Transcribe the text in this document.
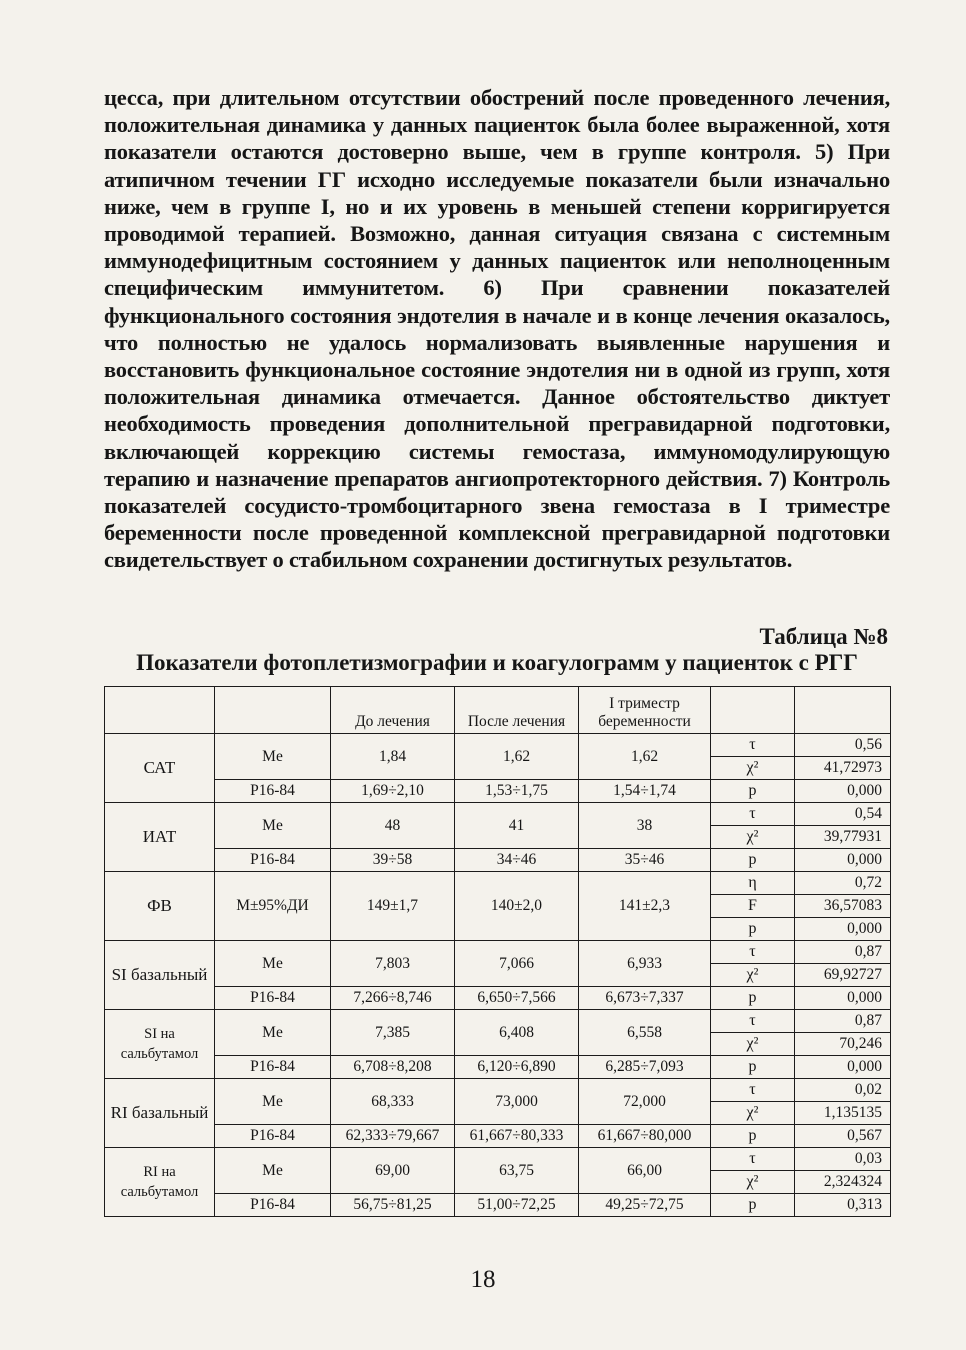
цесса, при длительном отсутствии обострений после проведенного лечения, положительная динамика у данных пациенток была более выраженной, хотя показатели остаются достоверно выше, чем в группе контроля. 5) При атипичном течении ГГ исходно исследуемые показатели были изначально ниже, чем в группе I, но и их уровень в меньшей степени корригируется проводимой терапией. Возможно, данная ситуация связана с системным иммунодефицитным состоянием у данных пациенток или неполноценным специфическим иммунитетом. 6) При сравнении показателей функционального состояния эндотелия в начале и в конце лечения оказалось, что полностью не удалось нормализовать выявленные нарушения и восстановить функциональное состояние эндотелия ни в одной из групп, хотя положительная динамика отмечается. Данное обстоятельство диктует необходимость проведения дополнительной прегравидарной подготовки, включающей коррекцию системы гемостаза, иммуномодулирующую терапию и назначение препаратов ангиопротекторного действия. 7) Контроль показателей сосудисто-тромбоцитарного звена гемостаза в I триместре беременности после проведенной комплексной прегравидарной подготовки свидетельствует о стабильном сохранении достигнутых результатов.
Таблица №8
Показатели фотоплетизмографии и коагулограмм у пациенток с РГГ
		До лечения	После лечения	I триместр беременности		
САТ	Me	1,84	1,62	1,62	τ	0,56
					χ²	41,72973
	P16-84	1,69÷2,10	1,53÷1,75	1,54÷1,74	p	0,000
ИАТ	Me	48	41	38	τ	0,54
					χ²	39,77931
	P16-84	39÷58	34÷46	35÷46	p	0,000
ФВ	M±95%ДИ	149±1,7	140±2,0	141±2,3	η	0,72
					F	36,57083
					p	0,000
SI базальный	Me	7,803	7,066	6,933	τ	0,87
					χ²	69,92727
	P16-84	7,266÷8,746	6,650÷7,566	6,673÷7,337	p	0,000
SI на сальбутамол	Me	7,385	6,408	6,558	τ	0,87
					χ²	70,246
	P16-84	6,708÷8,208	6,120÷6,890	6,285÷7,093	p	0,000
RI базальный	Me	68,333	73,000	72,000	τ	0,02
					χ²	1,135135
	P16-84	62,333÷79,667	61,667÷80,333	61,667÷80,000	p	0,567
RI на сальбутамол	Me	69,00	63,75	66,00	τ	0,03
					χ²	2,324324
	P16-84	56,75÷81,25	51,00÷72,25	49,25÷72,75	p	0,313
18
